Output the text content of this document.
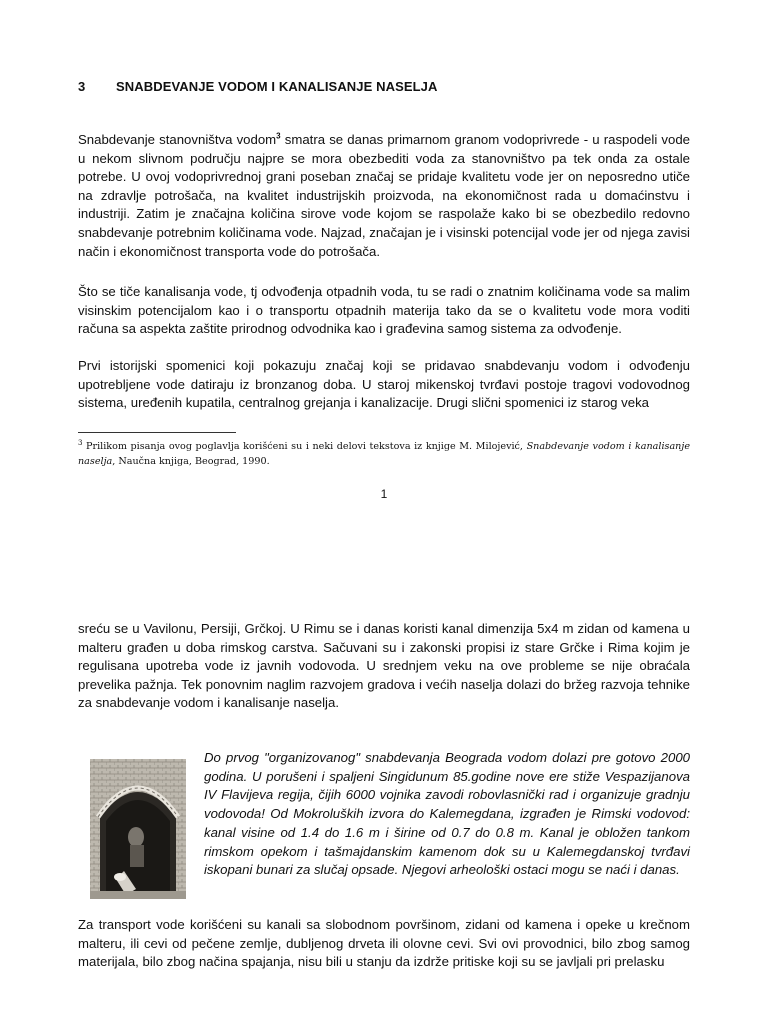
3 SNABDEVANJE VODOM I KANALISANJE NASELJA

Snabdevanje stanovništva vodom$^3$ smatra se danas primarnom granom vodoprivrede - u raspodeli vode u nekom slivnom području najpre se mora obezbediti voda za stanovništvo pa tek onda za ostale potrebe. U ovoj vodoprivrednoj grani poseban značaj se pridaje kvalitetu vode jer on neposredno utiče na zdravlje potrošača, na kvalitet industrijskih proizvoda, na ekonomičnost rada u domaćinstvu i industriji. Zatim je značajna količina sirove vode kojom se raspolaže kako bi se obezbedilo redovno snabdevanje potrebnim količinama vode. Najzad, značajan je i visinski potencijal vode jer od njega zavisi način i ekonomičnost transporta vode do potrošača.

Što se tiče kanalisanja vode, tj odvođenja otpadnih voda, tu se radi o znatnim količinama vode sa malim visinskim potencijalom kao i o transportu otpadnih materija tako da se o kvalitetu vode mora voditi računa sa aspekta zaštite prirodnog odvodnika kao i građevina samog sistema za odvođenje.

Prvi istorijski spomenici koji pokazuju značaj koji se pridavao snabdevanju vodom i odvođenju upotrebljene vode datiraju iz bronzanog doba. U staroj mikenskoj tvrđavi postoje tragovi vodovodnog sistema, uređenih kupatila, centralnog grejanja i kanalizacije. Drugi slični spomenici iz starog veka

$^3$ Prilikom pisanja ovog poglavlja korišćeni su i neki delovi tekstova iz knjige M. Milojević, Snabdevanje vodom i kanalisanje naselja, Naučna knjiga, Beograd, 1990.

1

sreću se u Vavilonu, Persiji, Grčkoj. U Rimu se i danas koristi kanal dimenzija 5x4 m zidan od kamena u malteru građen u doba rimskog carstva. Sačuvani su i zakonski propisi iz stare Grčke i Rima kojim je regulisana upotreba vode iz javnih vodovoda. U srednjem veku na ove probleme se nije obraćala prevelika pažnja. Tek ponovnim naglim razvojem gradova i većih naselja dolazi do bržeg razvoja tehnike za snabdevanje vodom i kanalisanje naselja.

Do prvog "organizovanog" snabdevanja Beograda vodom dolazi pre gotovo 2000 godina. U porušeni i spaljeni Singidunum 85.godine nove ere stiže Vespazijanova IV Flavijeva regija, čijih 6000 vojnika zavodi robovlasnički rad i organizuje gradnju vodovoda! Od Mokroluških izvora do Kalemegdana, izgrađen je Rimski vodovod: kanal visine od 1.4 do 1.6 m i širine od 0.7 do 0.8 m. Kanal je obložen tankom rimskom opekom i tašmajdanskim kamenom dok su u Kalemegdanskoj tvrđavi iskopani bunari za slučaj opsade. Njegovi arheološki ostaci mogu se naći i danas.

Za transport vode korišćeni su kanali sa slobodnom površinom, zidani od kamena i opeke u krečnom malteru, ili cevi od pečene zemlje, dubljenog drveta ili olovne cevi. Svi ovi provodnici, bilo zbog samog materijala, bilo zbog načina spajanja, nisu bili u stanju da izdrže pritiske koji su se javljali pri prelasku
